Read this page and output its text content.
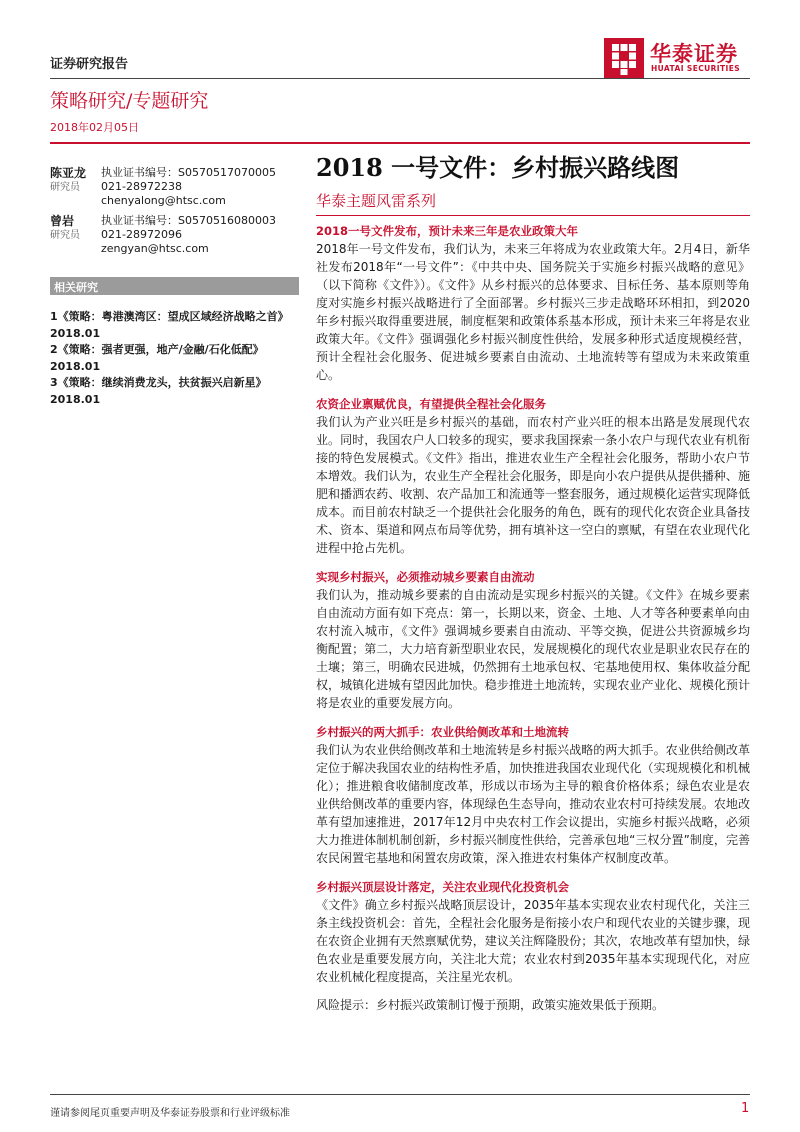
证券研究报告	华泰证券
HUATAI SECURITIES
策略研究/专题研究
2018年02月05日
陈亚龙
研究员
执业证书编号：S0570517070005
021-28972238
chenyalong@htsc.com
曾岩
研究员
执业证书编号：S0570516080003
021-28972096
zengyan@htsc.com
相关研究
1《策略：粤港澳湾区：望成区域经济战略之首》2018.01
2《策略：强者更强，地产/金融/石化低配》2018.01
3《策略：继续消费龙头，扶贫振兴启新星》2018.01
2018 一号文件：乡村振兴路线图
华泰主题风雷系列
2018一号文件发布，预计未来三年是农业政策大年

2018年一号文件发布，我们认为，未来三年将成为农业政策大年。2月4日，新华社发布2018年“一号文件”：《中共中央、国务院关于实施乡村振兴战略的意见》（以下简称《文件》）。《文件》从乡村振兴的总体要求、目标任务、基本原则等角度对实施乡村振兴战略进行了全面部署。乡村振兴三步走战略环环相扣，到2020年乡村振兴取得重要进展，制度框架和政策体系基本形成，预计未来三年将是农业政策大年。《文件》强调强化乡村振兴制度性供给，发展多种形式适度规模经营，预计全程社会化服务、促进城乡要素自由流动、土地流转等有望成为未来政策重心。

农资企业禀赋优良，有望提供全程社会化服务

我们认为产业兴旺是乡村振兴的基础，而农村产业兴旺的根本出路是发展现代农业。同时，我国农户人口较多的现实，要求我国探索一条小农户与现代农业有机衔接的特色发展模式。《文件》指出，推进农业生产全程社会化服务，帮助小农户节本增效。我们认为，农业生产全程社会化服务，即是向小农户提供从提供播种、施肥和播洒农药、收割、农产品加工和流通等一整套服务，通过规模化运营实现降低成本。而目前农村缺乏一个提供社会化服务的角色，既有的现代化农资企业具备技术、资本、渠道和网点布局等优势，拥有填补这一空白的禀赋，有望在农业现代化进程中抢占先机。

实现乡村振兴，必须推动城乡要素自由流动

我们认为，推动城乡要素的自由流动是实现乡村振兴的关键。《文件》在城乡要素自由流动方面有如下亮点：第一，长期以来，资金、土地、人才等各种要素单向由农村流入城市，《文件》强调城乡要素自由流动、平等交换，促进公共资源城乡均衡配置；第二，大力培育新型职业农民，发展规模化的现代农业是职业农民存在的土壤；第三，明确农民进城，仍然拥有土地承包权、宅基地使用权、集体收益分配权，城镇化进城有望因此加快。稳步推进土地流转，实现农业产业化、规模化预计将是农业的重要发展方向。

乡村振兴的两大抓手：农业供给侧改革和土地流转

我们认为农业供给侧改革和土地流转是乡村振兴战略的两大抓手。农业供给侧改革定位于解决我国农业的结构性矛盾，加快推进我国农业现代化（实现规模化和机械化）；推进粮食收储制度改革，形成以市场为主导的粮食价格体系；绿色农业是农业供给侧改革的重要内容，体现绿色生态导向，推动农业农村可持续发展。农地改革有望加速推进，2017年12月中央农村工作会议提出，实施乡村振兴战略，必须大力推进体制机制创新，乡村振兴制度性供给，完善承包地“三权分置”制度，完善农民闲置宅基地和闲置农房政策，深入推进农村集体产权制度改革。

乡村振兴顶层设计落定，关注农业现代化投资机会

《文件》确立乡村振兴战略顶层设计，2035年基本实现农业农村现代化，关注三条主线投资机会：首先，全程社会化服务是衔接小农户和现代农业的关键步骤，现在农资企业拥有天然禀赋优势，建议关注辉隆股份；其次，农地改革有望加快，绿色农业是重要发展方向，关注北大荒；农业农村到2035年基本实现现代化，对应农业机械化程度提高，关注星光农机。

风险提示：乡村振兴政策制订慢于预期，政策实施效果低于预期。
谨请参阅尾页重要声明及华泰证券股票和行业评级标准	1
